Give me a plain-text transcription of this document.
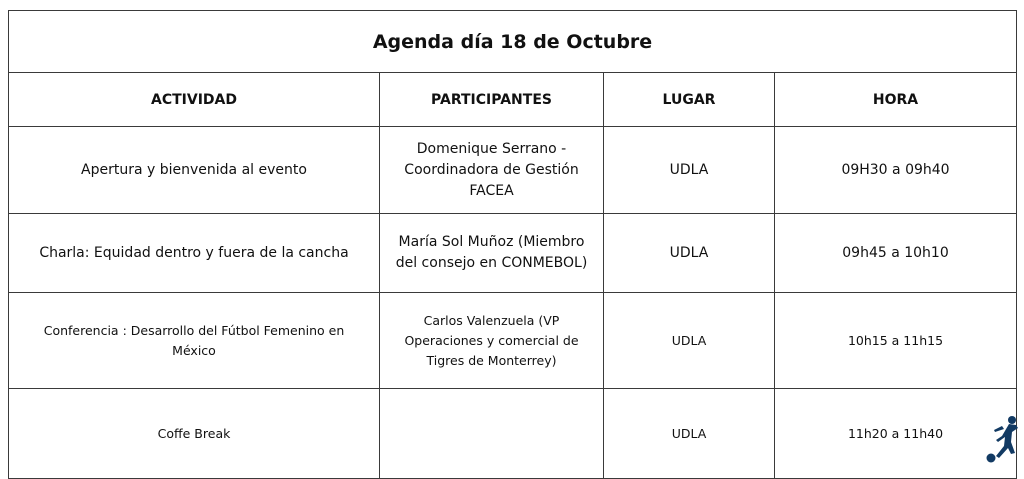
Agenda día 18 de Octubre			
ACTIVIDAD	PARTICIPANTES	LUGAR	HORA
Apertura y bienvenida al evento	Domenique Serrano - Coordinadora de Gestión FACEA	UDLA	09H30 a 09h40
Charla: Equidad dentro y fuera de la cancha	María Sol Muñoz (Miembro del consejo en CONMEBOL)	UDLA	09h45 a 10h10
Conferencia : Desarrollo del Fútbol Femenino en México	Carlos Valenzuela (VP Operaciones y comercial de Tigres de Monterrey)	UDLA	10h15 a 11h15
Coffe Break		UDLA	11h20 a 11h40
